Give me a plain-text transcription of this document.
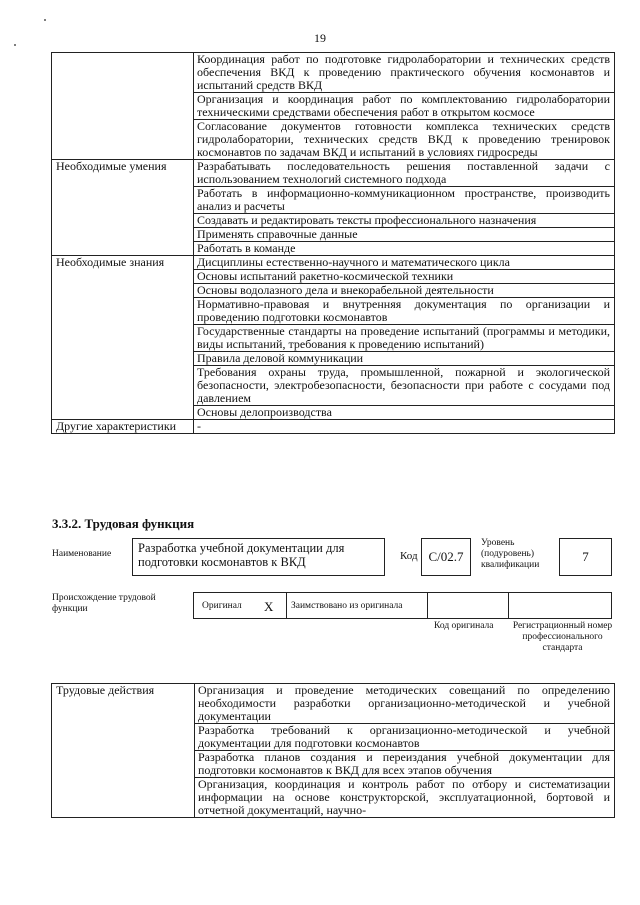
19
	Координация работ по подготовке гидролаборатории и технических средств обеспечения ВКД к проведению практического обучения космонавтов и испытаний средств ВКД
	Организация и координация работ по комплектованию гидролаборатории техническими средствами обеспечения работ в открытом космосе
	Согласование документов готовности комплекса технических средств гидролаборатории, технических средств ВКД к проведению тренировок космонавтов по задачам ВКД и испытаний в условиях гидросреды
Необходимые умения	Разрабатывать последовательность решения поставленной задачи с использованием технологий системного подхода
	Работать в информационно-коммуникационном пространстве, производить анализ и расчеты
	Создавать и редактировать тексты профессионального назначения
	Применять справочные данные
	Работать в команде
Необходимые знания	Дисциплины естественно-научного и математического цикла
	Основы испытаний ракетно-космической техники
	Основы водолазного дела и внекорабельной деятельности
	Нормативно-правовая и внутренняя документация по организации и проведению подготовки космонавтов
	Государственные стандарты на проведение испытаний (программы и методики, виды испытаний, требования к проведению испытаний)
	Правила деловой коммуникации
	Требования охраны труда, промышленной, пожарной и экологической безопасности, электробезопасности, безопасности при работе с сосудами под давлением
	Основы делопроизводства
Другие характеристики	-
3.3.2. Трудовая функция
Наименование	Разработка учебной документации для подготовки космонавтов к ВКД	Код С/02.7
Уровень (подуровень) квалификации
7
Происхождение трудовой функции	Оригинал X Заимствовано из оригинала
Код оригинала Регистрационный номер профессионального стандарта
Трудовые действия	Организация и проведение методических совещаний по определению необходимости разработки организационно-методической и учебной документации
Разработка требований к организационно-методической и учебной документации для подготовки космонавтов
Разработка планов создания и переиздания учебной документации для подготовки космонавтов к ВКД для всех этапов обучения
Организация, координация и контроль работ по отбору и систематизации информации на основе конструкторской, эксплуатационной, бортовой и отчетной документаций, научно-
